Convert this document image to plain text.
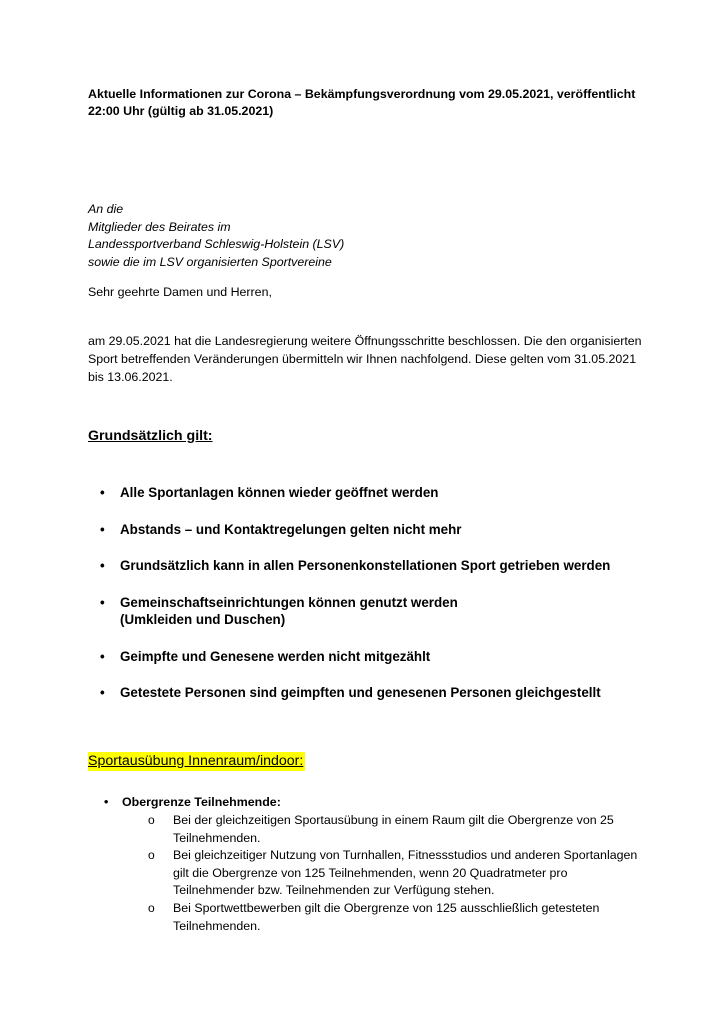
Aktuelle Informationen zur Corona – Bekämpfungsverordnung vom 29.05.2021, veröffentlicht
22:00 Uhr (gültig ab 31.05.2021)
An die
Mitglieder des Beirates im
Landessportverband Schleswig-Holstein (LSV)
sowie die im LSV organisierten Sportvereine
Sehr geehrte Damen und Herren,
am 29.05.2021 hat die Landesregierung weitere Öffnungsschritte beschlossen. Die den organisierten
Sport betreffenden Veränderungen übermitteln wir Ihnen nachfolgend. Diese gelten vom 31.05.2021
bis 13.06.2021.
Grundsätzlich gilt:
•	Alle Sportanlagen können wieder geöffnet werden
•	Abstands – und Kontaktregelungen gelten nicht mehr
•	Grundsätzlich kann in allen Personenkonstellationen Sport getrieben werden
•	Gemeinschaftseinrichtungen können genutzt werden
(Umkleiden und Duschen)
•	Geimpfte und Genesene werden nicht mitgezählt
•	Getestete Personen sind geimpften und genesenen Personen gleichgestellt
Sportausübung Innenraum/indoor:
• Obergrenze Teilnehmende:
o Bei der gleichzeitigen Sportausübung in einem Raum gilt die Obergrenze von 25
Teilnehmenden.
o Bei gleichzeitiger Nutzung von Turnhallen, Fitnessstudios und anderen Sportanlagen
gilt die Obergrenze von 125 Teilnehmenden, wenn 20 Quadratmeter pro
Teilnehmender bzw. Teilnehmenden zur Verfügung stehen.
o Bei Sportwettbewerben gilt die Obergrenze von 125 ausschließlich getesteten
Teilnehmenden.
